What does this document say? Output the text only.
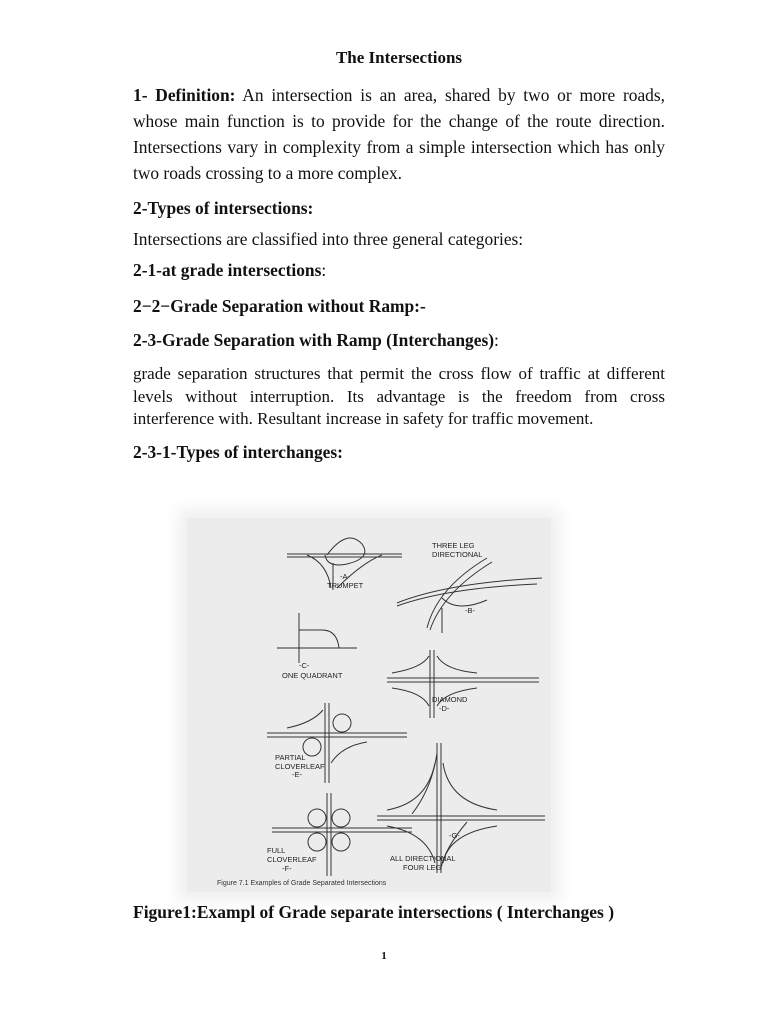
The Intersections

1- Definition: An intersection is an area, shared by two or more roads, whose main function is to provide for the change of the route direction. Intersections vary in complexity from a simple intersection which has only two roads crossing to a more complex.

2-Types of intersections:

Intersections are classified into three general categories:

2-1-at grade intersections:

2−2−Grade Separation without Ramp:-

2-3-Grade Separation with Ramp (Interchanges):

grade separation structures that permit the cross flow of traffic at different levels without interruption. Its advantage is the freedom from cross interference with. Resultant increase in safety for traffic movement.

2-3-1-Types of interchanges:

-A-
TRUMPET
THREE LEG
DIRECTIONAL
-B-
-C-
ONE QUADRANT
DIAMOND
-D-
PARTIAL
CLOVERLEAF
-E-
FULL
CLOVERLEAF
-F-
-G-
ALL DIRECTIONAL
FOUR LEG
Figure 7.1 Examples of Grade Separated Intersections
Figure1:Exampl of Grade separate intersections ( Interchanges )
1
